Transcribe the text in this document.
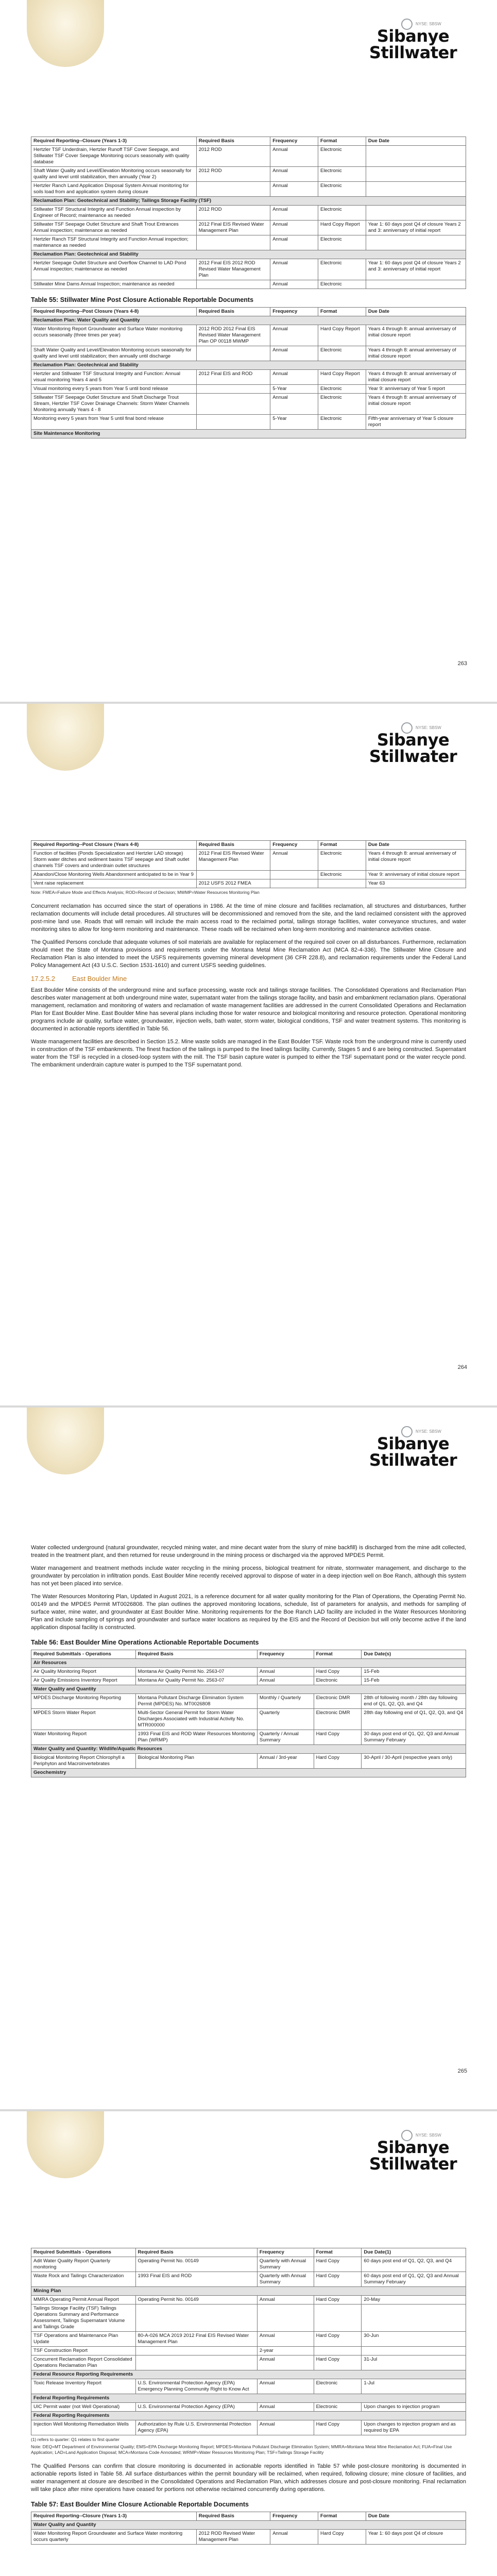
NYSE: SBSW
Sibanye
Stillwater
Required Reporting--Closure (Years 1-3)	Required Basis	Frequency	Format	Due Date
Hertzler TSF Underdrain, Hertzler Runoff TSF Cover Seepage, and Stillwater TSF Cover Seepage Monitoring occurs seasonally with quality database	2012 ROD	Annual	Electronic	
Shaft Water Quality and Level/Elevation Monitoring occurs seasonally for quality and level until stabilization, then annually (Year 2)	2012 ROD	Annual	Electronic	
Hertzler Ranch Land Application Disposal System Annual monitoring for soils load from and application system during closure		Annual	Electronic	
Reclamation Plan: Geotechnical and Stability; Tailings Storage Facility (TSF)				
Stillwater TSF Structural Integrity and Function Annual inspection by Engineer of Record; maintenance as needed	2012 ROD	Annual	Electronic	
Stillwater TSF Seepage Outlet Structure and Shaft Trout Entrances Annual inspection; maintenance as needed	2012 Final EIS Revised Water Management Plan	Annual	Hard Copy Report	Year 1: 60 days post Q4 of closure Years 2 and 3: anniversary of initial report
Hertzler Ranch TSF Structural Integrity and Function Annual inspection; maintenance as needed		Annual	Electronic	
Reclamation Plan: Geotechnical and Stability				
Hertzler Seepage Outlet Structure and Overflow Channel to LAD Pond Annual inspection; maintenance as needed	2012 Final EIS 2012 ROD Revised Water Management Plan	Annual	Electronic	Year 1: 60 days post Q4 of closure Years 2 and 3: anniversary of initial report
Stillwater Mine Dams Annual Inspection; maintenance as needed		Annual	Electronic	
Table 55: Stillwater Mine Post Closure Actionable Reportable Documents
Required Reporting--Post Closure (Years 4-8)	Required Basis	Frequency	Format	Due Date
Reclamation Plan: Water Quality and Quantity				
Water Monitoring Report Groundwater and Surface Water monitoring occurs seasonally (three times per year)	2012 ROD 2012 Final EIS Revised Water Management Plan OP 00118 MWMP	Annual	Hard Copy Report	Years 4 through 8: annual anniversary of initial closure report
Shaft Water Quality and Level/Elevation Monitoring occurs seasonally for quality and level until stabilization; then annually until discharge		Annual	Electronic	Years 4 through 8: annual anniversary of initial closure report
Reclamation Plan: Geotechnical and Stability				
Hertzler and Stillwater TSF Structural Integrity and Function: Annual visual monitoring Years 4 and 5	2012 Final EIS and ROD	Annual	Hard Copy Report	Years 4 through 8: annual anniversary of initial closure report
Visual monitoring every 5 years from Year 5 until bond release		5-Year	Electronic	Year 9: anniversary of Year 5 report
Stillwater TSF Seepage Outlet Structure and Shaft Discharge Trout Stream, Hertzler TSF Cover Drainage Channels: Storm Water Channels Monitoring annually Years 4 - 8		Annual	Electronic	Years 4 through 8: annual anniversary of initial closure report
Monitoring every 5 years from Year 5 until final bond release		5-Year	Electronic	Fifth-year anniversary of Year 5 closure report
Site Maintenance Monitoring				
263
NYSE: SBSW
Sibanye
Stillwater
Required Reporting--Post Closure (Years 4-8)	Required Basis	Frequency	Format	Due Date
Function of facilities (Ponds Specialization and Hertzler LAD storage) Storm water ditches and sediment basins TSF seepage and Shaft outlet channels TSF covers and underdrain outlet structures	2012 Final EIS Revised Water Management Plan	Annual	Electronic	Years 4 through 8: annual anniversary of initial closure report
Abandon/Close Monitoring Wells Abandonment anticipated to be in Year 9			Electronic	Year 9: anniversary of initial closure report
Vent raise replacement	2012 USFS 2012 FMEA			Year 63
Note: FMEA=Failure Mode and Effects Analysis; ROD=Record of Decision; MWMP=Water Resources Monitoring Plan

Concurrent reclamation has occurred since the start of operations in 1986. At the time of mine closure and facilities reclamation, all structures and disturbances, further reclamation documents will include detail procedures. All structures will be decommissioned and removed from the site, and the land reclaimed consistent with the approved post-mine land use. Roads that will remain will include the main access road to the reclaimed portal, tailings storage facilities, water conveyance structures, and water monitoring sites to allow for long-term monitoring and maintenance. These roads will be reclaimed when long-term monitoring and maintenance activities cease.

The Qualified Persons conclude that adequate volumes of soil materials are available for replacement of the required soil cover on all disturbances. Furthermore, reclamation should meet the State of Montana provisions and requirements under the Montana Metal Mine Reclamation Act (MCA 82-4-336). The Stillwater Mine Closure and Reclamation Plan is also intended to meet the USFS requirements governing mineral development (36 CFR 228.8), and reclamation requirements under the Federal Land Policy Management Act (43 U.S.C. Section 1531-1610) and current USFS seeding guidelines.

17.2.5.2	East Boulder Mine

East Boulder Mine consists of the underground mine and surface processing, waste rock and tailings storage facilities. The Consolidated Operations and Reclamation Plan describes water management at both underground mine water, supernatant water from the tailings storage facility, and basin and embankment reclamation plans. Operational management, reclamation and monitoring of waters and reclamation of waste management facilities are addressed in the current Consolidated Operations and Reclamation Plan for East Boulder Mine. East Boulder Mine has several plans including those for water resource and biological monitoring and resource protection. Operational monitoring programs include air quality, surface water, groundwater, injection wells, bath water, storm water, biological conditions, TSF and water treatment systems. This monitoring is documented in actionable reports identified in Table 56.

Waste management facilities are described in Section 15.2. Mine waste solids are managed in the East Boulder TSF. Waste rock from the underground mine is currently used in construction of the TSF embankments. The finest fraction of the tailings is pumped to the lined tailings facility. Currently, Stages 5 and 6 are being constructed. Supernatant water from the TSF is recycled in a closed-loop system with the mill. The TSF basin capture water is pumped to either the TSF supernatant pond or the water recycle pond. The embankment underdrain capture water is pumped to the TSF supernatant pond.

264
NYSE: SBSW
Sibanye
Stillwater

Water collected underground (natural groundwater, recycled mining water, and mine decant water from the slurry of mine backfill) is discharged from the mine adit collected, treated in the treatment plant, and then returned for reuse underground in the mining process or discharged via the approved MPDES Permit.

Water management and treatment methods include water recycling in the mining process, biological treatment for nitrate, stormwater management, and discharge to the groundwater by percolation in infiltration ponds. East Boulder Mine recently received approval to dispose of water in a deep injection well on Boe Ranch, although this system has not yet been placed into service.

The Water Resources Monitoring Plan, Updated in August 2021, is a reference document for all water quality monitoring for the Plan of Operations, the Operating Permit No. 00149 and the MPDES Permit MT0026808. The plan outlines the approved monitoring locations, schedule, list of parameters for analysis, and methods for sampling of surface water, mine water, and groundwater at East Boulder Mine. Monitoring requirements for the Boe Ranch LAD facility are included in the Water Resources Monitoring Plan and include sampling of springs and groundwater and surface water locations as required by the EIS and the Record of Decision but will only become active if the land application disposal facility is constructed.

Table 56: East Boulder Mine Operations Actionable Reportable Documents
Required Submittals - Operations	Required Basis	Frequency	Format	Due Date(s)
Air Resources				
Air Quality Monitoring Report	Montana Air Quality Permit No. 2563-07	Annual	Hard Copy	15-Feb
Air Quality Emissions Inventory Report	Montana Air Quality Permit No. 2563-07	Annual	Electronic	15-Feb
Water Quality and Quantity				
MPDES Discharge Monitoring Reporting	Montana Pollutant Discharge Elimination System Permit (MPDES) No. MT0026808	Monthly / Quarterly	Electronic DMR	28th of following month / 28th day following end of Q1, Q2, Q3, and Q4
MPDES Storm Water Report	Multi-Sector General Permit for Storm Water Discharges Associated with Industrial Activity No. MTR000000	Quarterly	Electronic DMR	28th day following end of Q1, Q2, Q3, and Q4
Water Monitoring Report	1993 Final EIS and ROD Water Resources Monitoring Plan (WRMP)	Quarterly / Annual Summary	Hard Copy	30 days post end of Q1, Q2, Q3 and Annual Summary February
Water Quality and Quantity: Wildlife/Aquatic Resources				
Biological Monitoring Report Chlorophyll a Periphyton and Macroinvertebrates	Biological Monitoring Plan	Annual / 3rd-year	Hard Copy	30-April / 30-April (respective years only)
Geochemistry				
265
NYSE: SBSW
Sibanye
Stillwater
Required Submittals - Operations	Required Basis	Frequency	Format	Due Date(1)
Adit Water Quality Report Quarterly monitoring	Operating Permit No. 00149	Quarterly with Annual Summary	Hard Copy	60 days post end of Q1, Q2, Q3, and Q4
Waste Rock and Tailings Characterization	1993 Final EIS and ROD	Quarterly with Annual Summary	Hard Copy	60 days post end of Q1, Q2, Q3 and Annual Summary February
Mining Plan				
MMRA Operating Permit Annual Report	Operating Permit No. 00149	Annual	Hard Copy	20-May
Tailings Storage Facility (TSF) Tailings Operations Summary and Performance Assessment, Tailings Supernatant Volume and Tailings Grade				
TSF Operations and Maintenance Plan Update	80-A-026 MCA 2019 2012 Final EIS Revised Water Management Plan	Annual	Hard Copy	30-Jun
TSF Construction Report		2-year		
Concurrent Reclamation Report Consolidated Operations Reclamation Plan		Annual	Hard Copy	31-Jul
Federal Resource Reporting Requirements				
Toxic Release Inventory Report	U.S. Environmental Protection Agency (EPA) Emergency Planning Community Right to Know Act	Annual	Electronic	1-Jul
Federal Reporting Requirements				
UIC Permit water (not Well Operational)	U.S. Environmental Protection Agency (EPA)	Annual	Electronic	Upon changes to injection program
Federal Reporting Requirements				
Injection Well Monitoring Remediation Wells	Authorization by Rule U.S. Environmental Protection Agency (EPA)	Annual	Hard Copy	Upon changes to injection program and as required by EPA
(1) refers to quarter: Q1 relates to first quarter
Note: DEQ=MT Department of Environmental Quality; EMS=EPA Discharge Monitoring Report; MPDES=Montana Pollutant Discharge Elimination System; MMRA=Montana Metal Mine Reclamation Act; FUA=Final Use Application; LAD=Land Application Disposal; MCA=Montana Code Annotated; WRMP=Water Resources Monitoring Plan; TSF=Tailings Storage Facility

The Qualified Persons can confirm that closure monitoring is documented in actionable reports identified in Table 57 while post-closure monitoring is documented in actionable reports listed in Table 58. All surface disturbances within the permit boundary will be reclaimed, when required, following closure; mine closure of facilities, and water management at closure are described in the Consolidated Operations and Reclamation Plan, which addresses closure and post-closure monitoring. Final reclamation will take place after mine operations have ceased for portions not otherwise reclaimed concurrently during operations.

Table 57: East Boulder Mine Closure Actionable Reportable Documents
Required Reporting--Closure (Years 1-3)	Required Basis	Frequency	Format	Due Date
Water Quality and Quantity				
Water Monitoring Report Groundwater and Surface Water monitoring occurs quarterly	2012 ROD Revised Water Management Plan	Annual	Hard Copy	Year 1: 60 days post Q4 of closure
